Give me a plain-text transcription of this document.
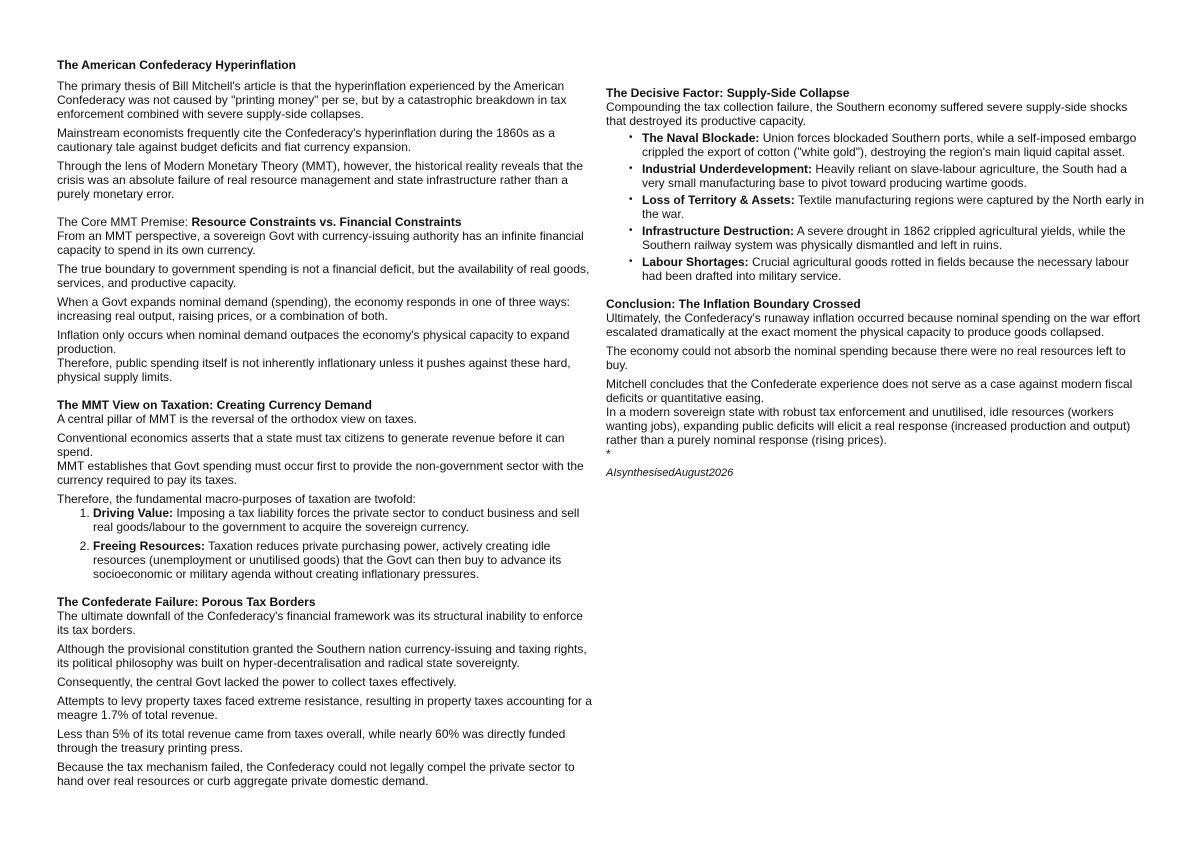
The American Confederacy Hyperinflation

The primary thesis of Bill Mitchell's article is that the hyperinflation experienced by the American Confederacy was not caused by "printing money" per se, but by a catastrophic breakdown in tax enforcement combined with severe supply-side collapses.

Mainstream economists frequently cite the Confederacy's hyperinflation during the 1860s as a cautionary tale against budget deficits and fiat currency expansion.

Through the lens of Modern Monetary Theory (MMT), however, the historical reality reveals that the crisis was an absolute failure of real resource management and state infrastructure rather than a purely monetary error.

The Core MMT Premise: Resource Constraints vs. Financial Constraints

From an MMT perspective, a sovereign Govt with currency-issuing authority has an infinite financial capacity to spend in its own currency.

The true boundary to government spending is not a financial deficit, but the availability of real goods, services, and productive capacity.

When a Govt expands nominal demand (spending), the economy responds in one of three ways: increasing real output, raising prices, or a combination of both.

Inflation only occurs when nominal demand outpaces the economy's physical capacity to expand production.

Therefore, public spending itself is not inherently inflationary unless it pushes against these hard, physical supply limits.

The MMT View on Taxation: Creating Currency Demand

A central pillar of MMT is the reversal of the orthodox view on taxes.

Conventional economics asserts that a state must tax citizens to generate revenue before it can spend.

MMT establishes that Govt spending must occur first to provide the non-government sector with the currency required to pay its taxes.

Therefore, the fundamental macro-purposes of taxation are twofold:

1. Driving Value: Imposing a tax liability forces the private sector to conduct business and sell real goods/labour to the government to acquire the sovereign currency.
2. Freeing Resources: Taxation reduces private purchasing power, actively creating idle resources (unemployment or unutilised goods) that the Govt can then buy to advance its socioeconomic or military agenda without creating inflationary pressures.
The Confederate Failure: Porous Tax Borders

The ultimate downfall of the Confederacy's financial framework was its structural inability to enforce its tax borders.

Although the provisional constitution granted the Southern nation currency-issuing and taxing rights, its political philosophy was built on hyper-decentralisation and radical state sovereignty.

Consequently, the central Govt lacked the power to collect taxes effectively.

Attempts to levy property taxes faced extreme resistance, resulting in property taxes accounting for a meagre 1.7% of total revenue.

Less than 5% of its total revenue came from taxes overall, while nearly 60% was directly funded through the treasury printing press.

Because the tax mechanism failed, the Confederacy could not legally compel the private sector to hand over real resources or curb aggregate private domestic demand.

The Decisive Factor: Supply-Side Collapse

Compounding the tax collection failure, the Southern economy suffered severe supply-side shocks that destroyed its productive capacity.

• The Naval Blockade: Union forces blockaded Southern ports, while a self-imposed embargo crippled the export of cotton ("white gold"), destroying the region's main liquid capital asset.
• Industrial Underdevelopment: Heavily reliant on slave-labour agriculture, the South had a very small manufacturing base to pivot toward producing wartime goods.
• Loss of Territory & Assets: Textile manufacturing regions were captured by the North early in the war.
• Infrastructure Destruction: A severe drought in 1862 crippled agricultural yields, while the Southern railway system was physically dismantled and left in ruins.
• Labour Shortages: Crucial agricultural goods rotted in fields because the necessary labour had been drafted into military service.
Conclusion: The Inflation Boundary Crossed

Ultimately, the Confederacy's runaway inflation occurred because nominal spending on the war effort escalated dramatically at the exact moment the physical capacity to produce goods collapsed.

The economy could not absorb the nominal spending because there were no real resources left to buy.

Mitchell concludes that the Confederate experience does not serve as a case against modern fiscal deficits or quantitative easing.

In a modern sovereign state with robust tax enforcement and unutilised, idle resources (workers wanting jobs), expanding public deficits will elicit a real response (increased production and output) rather than a purely nominal response (rising prices).

*
AIsynthesisedAugust2026
